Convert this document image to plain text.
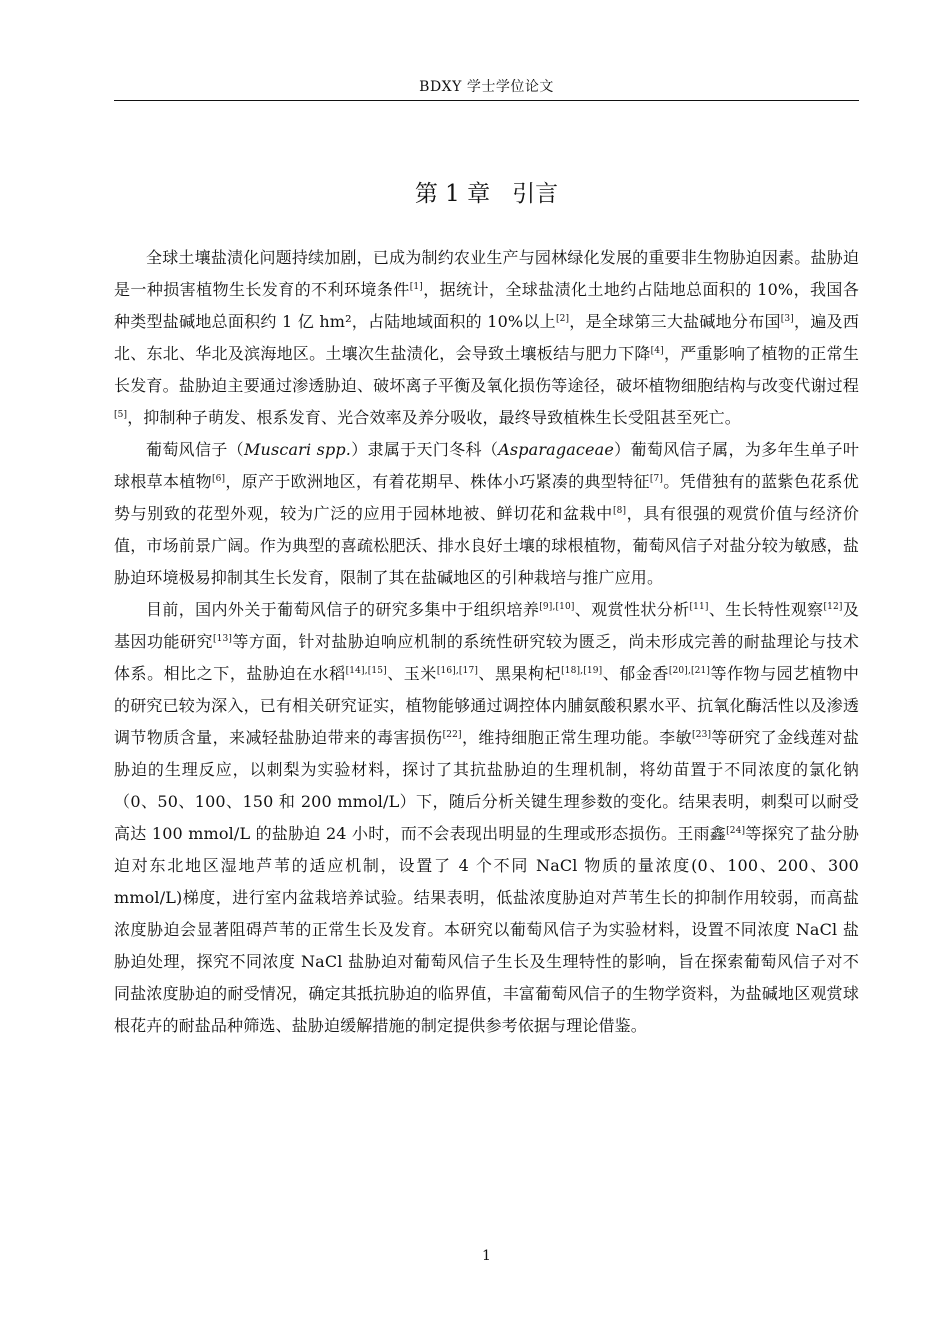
BDXY 学士学位论文
第 1 章 引言

全球土壤盐渍化问题持续加剧，已成为制约农业生产与园林绿化发展的重要非生物胁迫因素。盐胁迫是一种损害植物生长发育的不利环境条件[1]，据统计，全球盐渍化土地约占陆地总面积的 10%，我国各种类型盐碱地总面积约 1 亿 hm²，占陆地域面积的 10%以上[2]，是全球第三大盐碱地分布国[3]，遍及西北、东北、华北及滨海地区。土壤次生盐渍化，会导致土壤板结与肥力下降[4]，严重影响了植物的正常生长发育。盐胁迫主要通过渗透胁迫、破坏离子平衡及氧化损伤等途径，破坏植物细胞结构与改变代谢过程[5]，抑制种子萌发、根系发育、光合效率及养分吸收，最终导致植株生长受阻甚至死亡。

葡萄风信子（Muscari spp.）隶属于天门冬科（Asparagaceae）葡萄风信子属，为多年生单子叶球根草本植物[6]，原产于欧洲地区，有着花期早、株体小巧紧凑的典型特征[7]。凭借独有的蓝紫色花系优势与别致的花型外观，较为广泛的应用于园林地被、鲜切花和盆栽中[8]，具有很强的观赏价值与经济价值，市场前景广阔。作为典型的喜疏松肥沃、排水良好土壤的球根植物，葡萄风信子对盐分较为敏感，盐胁迫环境极易抑制其生长发育，限制了其在盐碱地区的引种栽培与推广应用。

目前，国内外关于葡萄风信子的研究多集中于组织培养[9],[10]、观赏性状分析[11]、生长特性观察[12]及基因功能研究[13]等方面，针对盐胁迫响应机制的系统性研究较为匮乏，尚未形成完善的耐盐理论与技术体系。相比之下，盐胁迫在水稻[14],[15]、玉米[16],[17]、黑果枸杞[18],[19]、郁金香[20],[21]等作物与园艺植物中的研究已较为深入，已有相关研究证实，植物能够通过调控体内脯氨酸积累水平、抗氧化酶活性以及渗透调节物质含量，来减轻盐胁迫带来的毒害损伤[22]，维持细胞正常生理功能。李敏[23]等研究了金线莲对盐胁迫的生理反应，以刺梨为实验材料，探讨了其抗盐胁迫的生理机制，将幼苗置于不同浓度的氯化钠（0、50、100、150 和 200 mmol/L）下，随后分析关键生理参数的变化。结果表明，刺梨可以耐受高达 100 mmol/L 的盐胁迫 24 小时，而不会表现出明显的生理或形态损伤。王雨鑫[24]等探究了盐分胁迫对东北地区湿地芦苇的适应机制，设置了 4 个不同 NaCl 物质的量浓度(0、100、200、300 mmol/L)梯度，进行室内盆栽培养试验。结果表明，低盐浓度胁迫对芦苇生长的抑制作用较弱，而高盐浓度胁迫会显著阻碍芦苇的正常生长及发育。本研究以葡萄风信子为实验材料，设置不同浓度 NaCl 盐胁迫处理，探究不同浓度 NaCl 盐胁迫对葡萄风信子生长及生理特性的影响，旨在探索葡萄风信子对不同盐浓度胁迫的耐受情况，确定其抵抗胁迫的临界值，丰富葡萄风信子的生物学资料，为盐碱地区观赏球根花卉的耐盐品种筛选、盐胁迫缓解措施的制定提供参考依据与理论借鉴。

1
